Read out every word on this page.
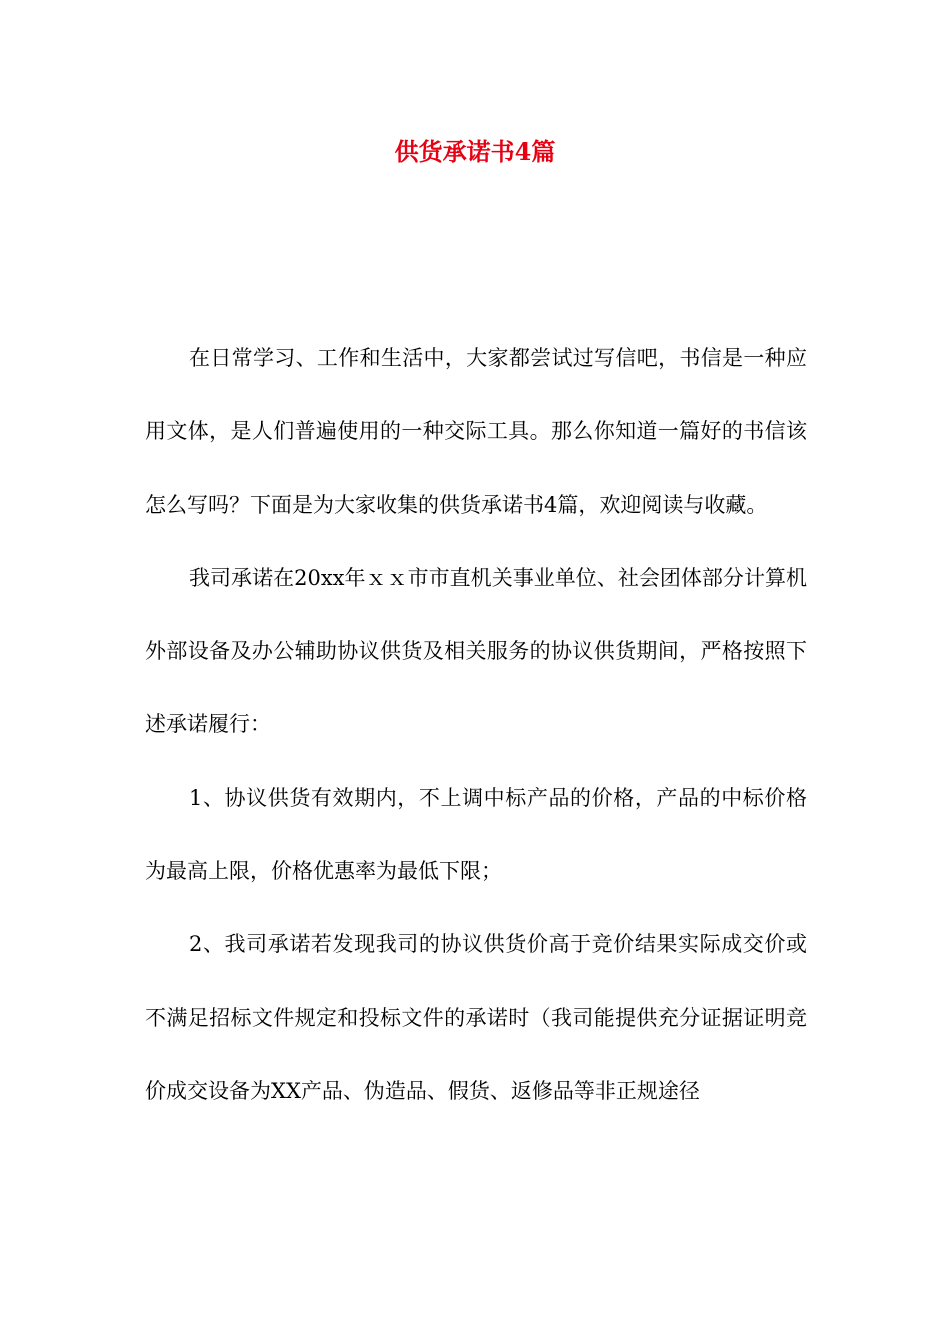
供货承诺书4篇

在日常学习、工作和生活中，大家都尝试过写信吧，书信是一种应用文体，是人们普遍使用的一种交际工具。那么你知道一篇好的书信该怎么写吗？下面是为大家收集的供货承诺书4篇，欢迎阅读与收藏。

我司承诺在20xx年ｘｘ市市直机关事业单位、社会团体部分计算机外部设备及办公辅助协议供货及相关服务的协议供货期间，严格按照下述承诺履行：

1、协议供货有效期内，不上调中标产品的价格，产品的中标价格为最高上限，价格优惠率为最低下限；

2、我司承诺若发现我司的协议供货价高于竞价结果实际成交价或不满足招标文件规定和投标文件的承诺时（我司能提供充分证据证明竞价成交设备为XX产品、伪造品、假货、返修品等非正规途径
